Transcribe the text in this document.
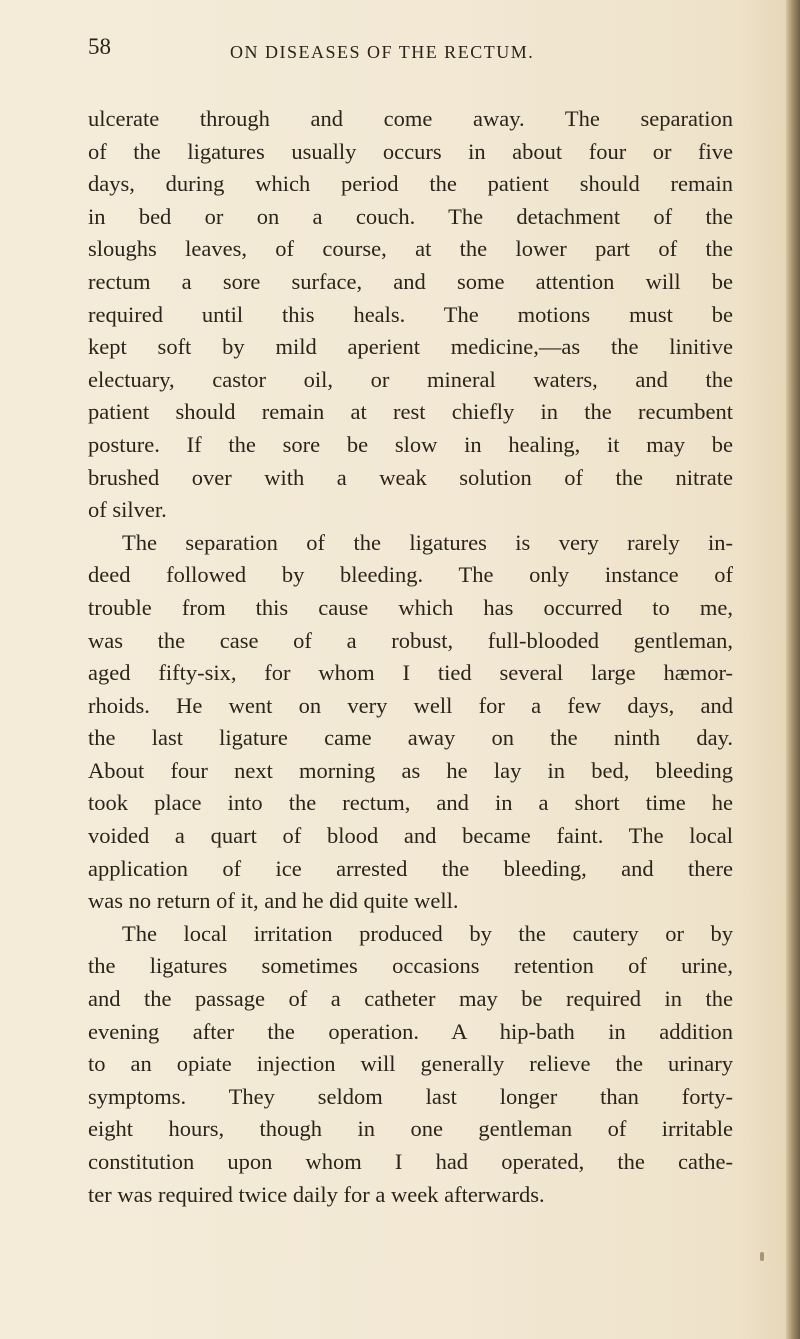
58	ON DISEASES OF THE RECTUM.
ulcerate through and come away. The separation
of the ligatures usually occurs in about four or five
days, during which period the patient should remain
in bed or on a couch. The detachment of the
sloughs leaves, of course, at the lower part of the
rectum a sore surface, and some attention will be
required until this heals. The motions must be
kept soft by mild aperient medicine,—as the linitive
electuary, castor oil, or mineral waters, and the
patient should remain at rest chiefly in the recumbent
posture. If the sore be slow in healing, it may be
brushed over with a weak solution of the nitrate
of silver.
The separation of the ligatures is very rarely in-
deed followed by bleeding. The only instance of
trouble from this cause which has occurred to me,
was the case of a robust, full-blooded gentleman,
aged fifty-six, for whom I tied several large hæmor-
rhoids. He went on very well for a few days, and
the last ligature came away on the ninth day.
About four next morning as he lay in bed, bleeding
took place into the rectum, and in a short time he
voided a quart of blood and became faint. The local
application of ice arrested the bleeding, and there
was no return of it, and he did quite well.
The local irritation produced by the cautery or by
the ligatures sometimes occasions retention of urine,
and the passage of a catheter may be required in the
evening after the operation. A hip-bath in addition
to an opiate injection will generally relieve the urinary
symptoms. They seldom last longer than forty-
eight hours, though in one gentleman of irritable
constitution upon whom I had operated, the cathe-
ter was required twice daily for a week afterwards.
